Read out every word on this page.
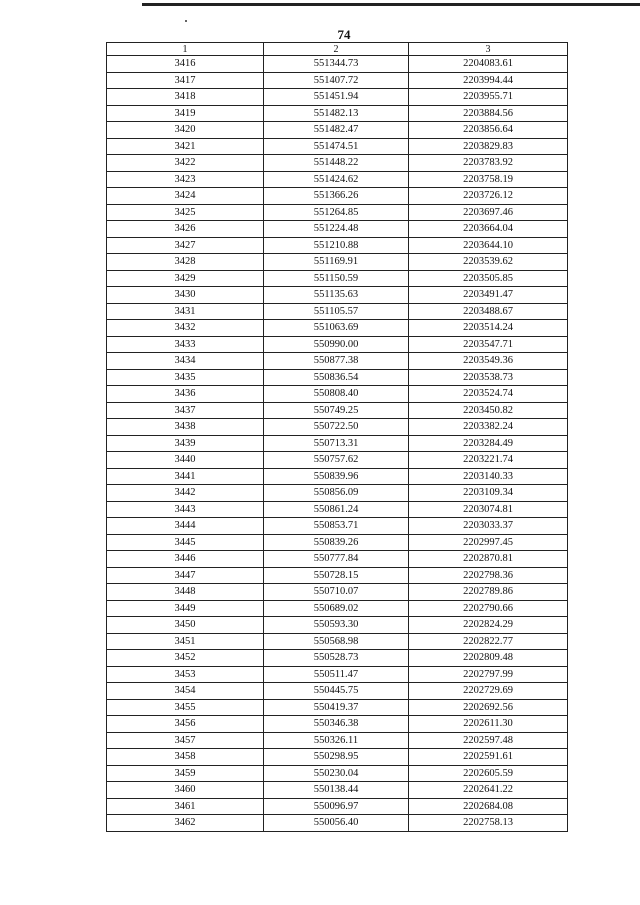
74
1	2	3
3416	551344.73	2204083.61
3417	551407.72	2203994.44
3418	551451.94	2203955.71
3419	551482.13	2203884.56
3420	551482.47	2203856.64
3421	551474.51	2203829.83
3422	551448.22	2203783.92
3423	551424.62	2203758.19
3424	551366.26	2203726.12
3425	551264.85	2203697.46
3426	551224.48	2203664.04
3427	551210.88	2203644.10
3428	551169.91	2203539.62
3429	551150.59	2203505.85
3430	551135.63	2203491.47
3431	551105.57	2203488.67
3432	551063.69	2203514.24
3433	550990.00	2203547.71
3434	550877.38	2203549.36
3435	550836.54	2203538.73
3436	550808.40	2203524.74
3437	550749.25	2203450.82
3438	550722.50	2203382.24
3439	550713.31	2203284.49
3440	550757.62	2203221.74
3441	550839.96	2203140.33
3442	550856.09	2203109.34
3443	550861.24	2203074.81
3444	550853.71	2203033.37
3445	550839.26	2202997.45
3446	550777.84	2202870.81
3447	550728.15	2202798.36
3448	550710.07	2202789.86
3449	550689.02	2202790.66
3450	550593.30	2202824.29
3451	550568.98	2202822.77
3452	550528.73	2202809.48
3453	550511.47	2202797.99
3454	550445.75	2202729.69
3455	550419.37	2202692.56
3456	550346.38	2202611.30
3457	550326.11	2202597.48
3458	550298.95	2202591.61
3459	550230.04	2202605.59
3460	550138.44	2202641.22
3461	550096.97	2202684.08
3462	550056.40	2202758.13
